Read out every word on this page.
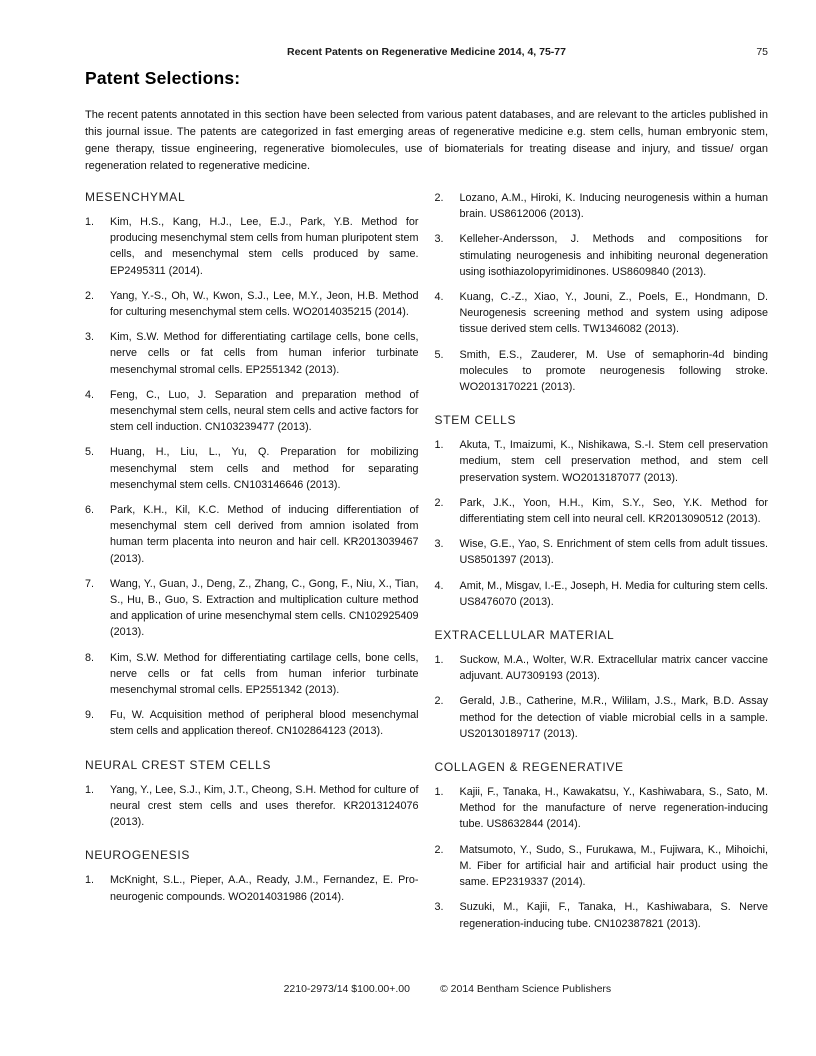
Recent Patents on Regenerative Medicine 2014, 4, 75-77	75
Patent Selections:

The recent patents annotated in this section have been selected from various patent databases, and are relevant to the articles published in this journal issue. The patents are categorized in fast emerging areas of regenerative medicine e.g. stem cells, human embryonic stem, gene therapy, tissue engineering, regenerative biomolecules, use of biomaterials for treating disease and injury, and tissue/ organ regeneration related to regenerative medicine.

MESENCHYMAL
1.	Kim, H.S., Kang, H.J., Lee, E.J., Park, Y.B. Method for producing mesenchymal stem cells from human pluripotent stem cells, and mesenchymal stem cells produced by same. EP2495311 (2014).
2.	Yang, Y.-S., Oh, W., Kwon, S.J., Lee, M.Y., Jeon, H.B. Method for culturing mesenchymal stem cells. WO2014035215 (2014).
3.	Kim, S.W. Method for differentiating cartilage cells, bone cells, nerve cells or fat cells from human inferior turbinate mesenchymal stromal cells. EP2551342 (2013).
4.	Feng, C., Luo, J. Separation and preparation method of mesenchymal stem cells, neural stem cells and active factors for stem cell induction. CN103239477 (2013).
5.	Huang, H., Liu, L., Yu, Q. Preparation for mobilizing mesenchymal stem cells and method for separating mesenchymal stem cells. CN103146646 (2013).
6.	Park, K.H., Kil, K.C. Method of inducing differentiation of mesenchymal stem cell derived from amnion isolated from human term placenta into neuron and hair cell. KR2013039467 (2013).
7.	Wang, Y., Guan, J., Deng, Z., Zhang, C., Gong, F., Niu, X., Tian, S., Hu, B., Guo, S. Extraction and multiplication culture method and application of urine mesenchymal stem cells. CN102925409 (2013).
8.	Kim, S.W. Method for differentiating cartilage cells, bone cells, nerve cells or fat cells from human inferior turbinate mesenchymal stromal cells. EP2551342 (2013).
9.	Fu, W. Acquisition method of peripheral blood mesenchymal stem cells and application thereof. CN102864123 (2013).
NEURAL CREST STEM CELLS
1.	Yang, Y., Lee, S.J., Kim, J.T., Cheong, S.H. Method for culture of neural crest stem cells and uses therefor. KR2013124076 (2013).
NEUROGENESIS
1.	McKnight, S.L., Pieper, A.A., Ready, J.M., Fernandez, E. Pro-neurogenic compounds. WO2014031986 (2014).
2.	Lozano, A.M., Hiroki, K. Inducing neurogenesis within a human brain. US8612006 (2013).
3.	Kelleher-Andersson, J. Methods and compositions for stimulating neurogenesis and inhibiting neuronal degeneration using isothiazolopyrimidinones. US8609840 (2013).
4.	Kuang, C.-Z., Xiao, Y., Jouni, Z., Poels, E., Hondmann, D. Neurogenesis screening method and system using adipose tissue derived stem cells. TW1346082 (2013).
5.	Smith, E.S., Zauderer, M. Use of semaphorin-4d binding molecules to promote neurogenesis following stroke. WO2013170221 (2013).
STEM CELLS
1.	Akuta, T., Imaizumi, K., Nishikawa, S.-I. Stem cell preservation medium, stem cell preservation method, and stem cell preservation system. WO2013187077 (2013).
2.	Park, J.K., Yoon, H.H., Kim, S.Y., Seo, Y.K. Method for differentiating stem cell into neural cell. KR2013090512 (2013).
3.	Wise, G.E., Yao, S. Enrichment of stem cells from adult tissues. US8501397 (2013).
4.	Amit, M., Misgav, I.-E., Joseph, H. Media for culturing stem cells. US8476070 (2013).
EXTRACELLULAR MATERIAL
1.	Suckow, M.A., Wolter, W.R. Extracellular matrix cancer vaccine adjuvant. AU7309193 (2013).
2.	Gerald, J.B., Catherine, M.R., Wililam, J.S., Mark, B.D. Assay method for the detection of viable microbial cells in a sample. US20130189717 (2013).
COLLAGEN & REGENERATIVE
1.	Kajii, F., Tanaka, H., Kawakatsu, Y., Kashiwabara, S., Sato, M. Method for the manufacture of nerve regeneration-inducing tube. US8632844 (2014).
2.	Matsumoto, Y., Sudo, S., Furukawa, M., Fujiwara, K., Mihoichi, M. Fiber for artificial hair and artificial hair product using the same. EP2319337 (2014).
3.	Suzuki, M., Kajii, F., Tanaka, H., Kashiwabara, S. Nerve regeneration-inducing tube. CN102387821 (2013).
2210-2973/14 $100.00+.00	© 2014 Bentham Science Publishers
